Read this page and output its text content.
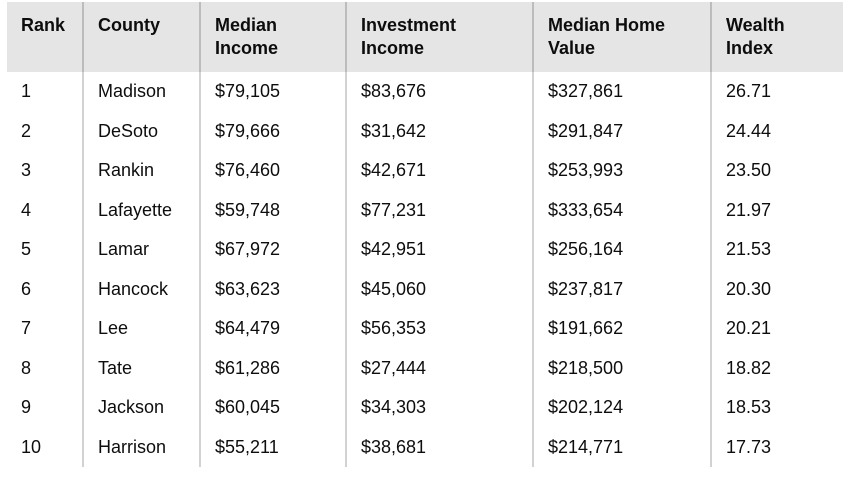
Rank	County	Median Income	Investment Income	Median Home Value	Wealth Index
1	Madison	$79,105	$83,676	$327,861	26.71
2	DeSoto	$79,666	$31,642	$291,847	24.44
3	Rankin	$76,460	$42,671	$253,993	23.50
4	Lafayette	$59,748	$77,231	$333,654	21.97
5	Lamar	$67,972	$42,951	$256,164	21.53
6	Hancock	$63,623	$45,060	$237,817	20.30
7	Lee	$64,479	$56,353	$191,662	20.21
8	Tate	$61,286	$27,444	$218,500	18.82
9	Jackson	$60,045	$34,303	$202,124	18.53
10	Harrison	$55,211	$38,681	$214,771	17.73
